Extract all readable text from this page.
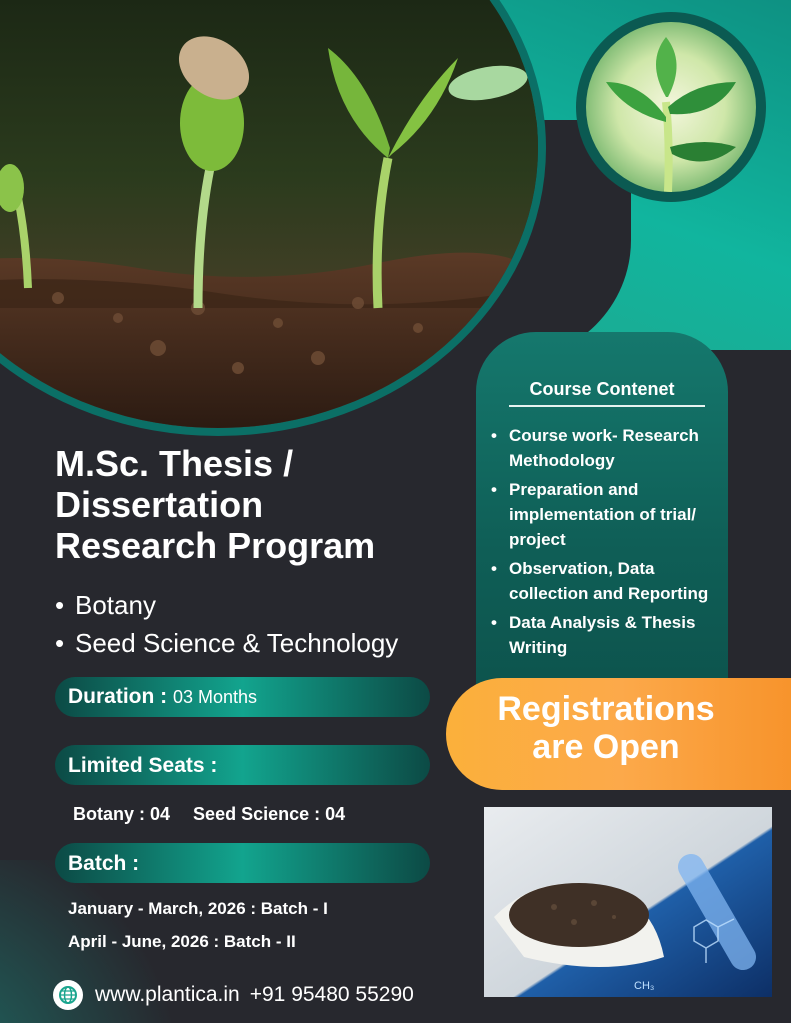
Course Contenet
• Course work- Research Methodology
• Preparation and implementation of trial/ project
• Observation, Data collection and Reporting
• Data Analysis & Thesis Writing
Registrations
are Open
M.Sc. Thesis /
Dissertation
Research Program
• Botany
• Seed Science & Technology
Duration : 03 Months
Limited Seats :
Botany : 04 Seed Science : 04
Batch :
January - March, 2026 : Batch - I
April - June, 2026 : Batch - II
CH₃
www.plantica.in +91 95480 55290
